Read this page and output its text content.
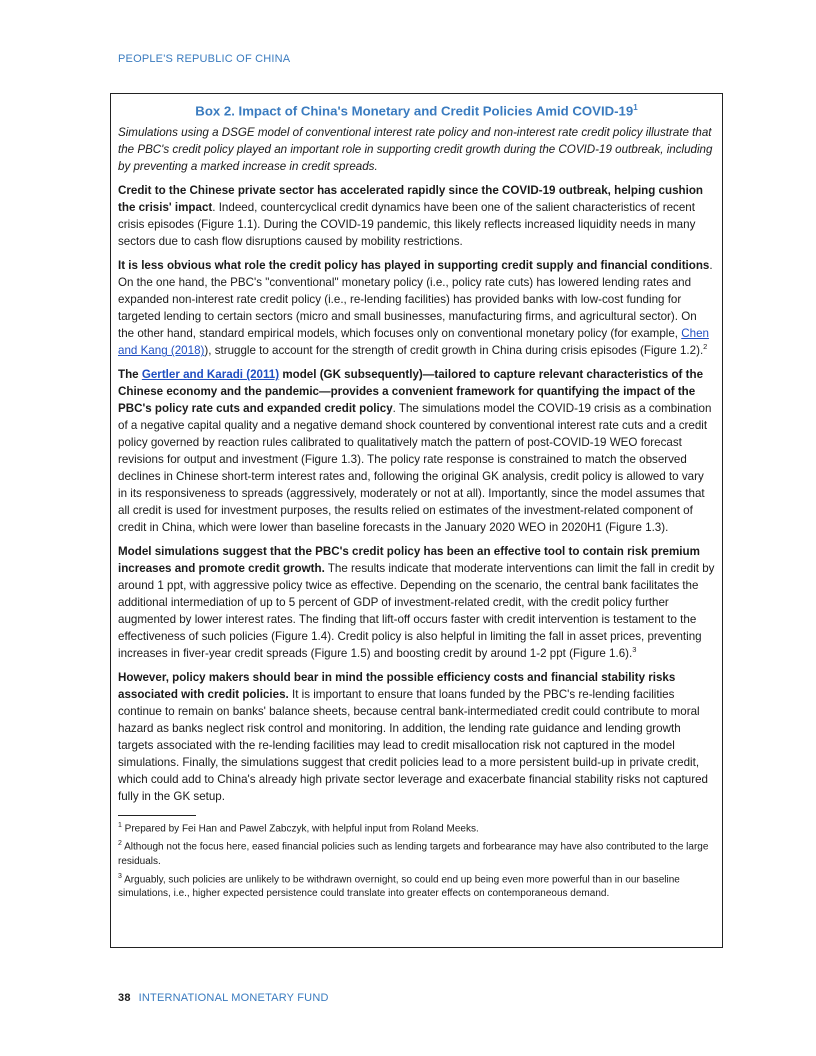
PEOPLE'S REPUBLIC OF CHINA
Box 2. Impact of China's Monetary and Credit Policies Amid COVID-$19^1$

Simulations using a DSGE model of conventional interest rate policy and non-interest rate credit policy illustrate that the PBC's credit policy played an important role in supporting credit growth during the COVID-19 outbreak, including by preventing a marked increase in credit spreads.

Credit to the Chinese private sector has accelerated rapidly since the COVID-19 outbreak, helping cushion the crisis' impact. Indeed, countercyclical credit dynamics have been one of the salient characteristics of recent crisis episodes (Figure 1.1). During the COVID-19 pandemic, this likely reflects increased liquidity needs in many sectors due to cash flow disruptions caused by mobility restrictions.

It is less obvious what role the credit policy has played in supporting credit supply and financial conditions. On the one hand, the PBC's "conventional" monetary policy (i.e., policy rate cuts) has lowered lending rates and expanded non-interest rate credit policy (i.e., re-lending facilities) has provided banks with low-cost funding for targeted lending to certain sectors (micro and small businesses, manufacturing firms, and agricultural sector). On the other hand, standard empirical models, which focuses only on conventional monetary policy (for example, Chen and Kang (2018)), struggle to account for the strength of credit growth in China during crisis episodes (Figure 1.2).$^2$

The Gertler and Karadi (2011) model (GK subsequently)—tailored to capture relevant characteristics of the Chinese economy and the pandemic—provides a convenient framework for quantifying the impact of the PBC's policy rate cuts and expanded credit policy. The simulations model the COVID-19 crisis as a combination of a negative capital quality and a negative demand shock countered by conventional interest rate cuts and a credit policy governed by reaction rules calibrated to qualitatively match the pattern of post-COVID-19 WEO forecast revisions for output and investment (Figure 1.3). The policy rate response is constrained to match the observed declines in Chinese short-term interest rates and, following the original GK analysis, credit policy is allowed to vary in its responsiveness to spreads (aggressively, moderately or not at all). Importantly, since the model assumes that all credit is used for investment purposes, the results relied on estimates of the investment-related component of credit in China, which were lower than baseline forecasts in the January 2020 WEO in 2020H1 (Figure 1.3).

Model simulations suggest that the PBC's credit policy has been an effective tool to contain risk premium increases and promote credit growth. The results indicate that moderate interventions can limit the fall in credit by around 1 ppt, with aggressive policy twice as effective. Depending on the scenario, the central bank facilitates the additional intermediation of up to 5 percent of GDP of investment-related credit, with the credit policy further augmented by lower interest rates. The finding that lift-off occurs faster with credit intervention is testament to the effectiveness of such policies (Figure 1.4). Credit policy is also helpful in limiting the fall in asset prices, preventing increases in fiver-year credit spreads (Figure 1.5) and boosting credit by around 1-2 ppt (Figure 1.6).$^3$

However, policy makers should bear in mind the possible efficiency costs and financial stability risks associated with credit policies. It is important to ensure that loans funded by the PBC's re-lending facilities continue to remain on banks' balance sheets, because central bank-intermediated credit could contribute to moral hazard as banks neglect risk control and monitoring. In addition, the lending rate guidance and lending growth targets associated with the re-lending facilities may lead to credit misallocation risk not captured in the model simulations. Finally, the simulations suggest that credit policies lead to a more persistent build-up in private credit, which could add to China's already high private sector leverage and exacerbate financial stability risks not captured fully in the GK setup.

$^1$ Prepared by Fei Han and Pawel Zabczyk, with helpful input from Roland Meeks.

$^2$ Although not the focus here, eased financial policies such as lending targets and forbearance may have also contributed to the large residuals.

$^3$ Arguably, such policies are unlikely to be withdrawn overnight, so could end up being even more powerful than in our baseline simulations, i.e., higher expected persistence could translate into greater effects on contemporaneous demand.

38 INTERNATIONAL MONETARY FUND
